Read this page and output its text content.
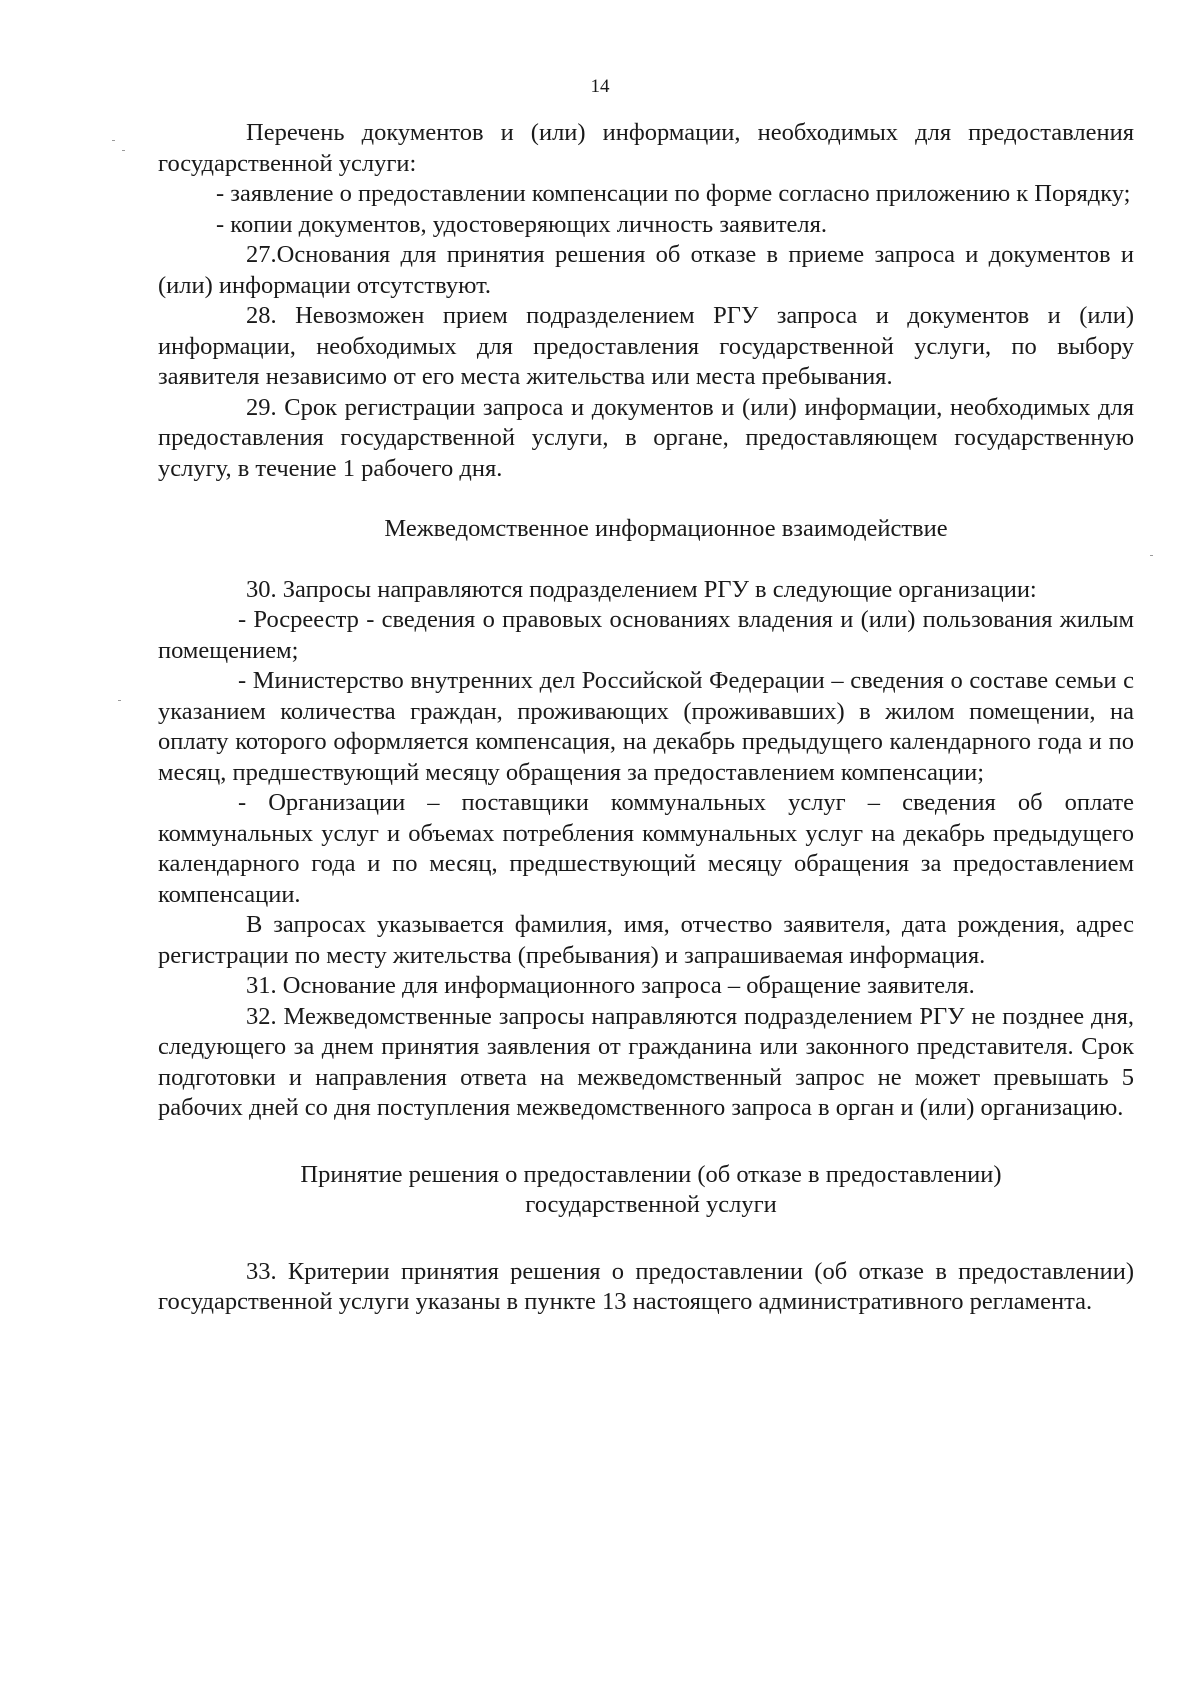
14

Перечень документов и (или) информации, необходимых для предоставления государственной услуги:

- заявление о предоставлении компенсации по форме согласно приложению к Порядку;

- копии документов, удостоверяющих личность заявителя.

27.Основания для принятия решения об отказе в приеме запроса и документов и (или) информации отсутствуют.

28. Невозможен прием подразделением РГУ запроса и документов и (или) информации, необходимых для предоставления государственной услуги, по выбору заявителя независимо от его места жительства или места пребывания.

29. Срок регистрации запроса и документов и (или) информации, необходимых для предоставления государственной услуги, в органе, предоставляющем государственную услугу, в течение 1 рабочего дня.

Межведомственное информационное взаимодействие

30. Запросы направляются подразделением РГУ в следующие организации:

- Росреестр - сведения о правовых основаниях владения и (или) пользования жилым помещением;

- Министерство внутренних дел Российской Федерации – сведения о составе семьи с указанием количества граждан, проживающих (проживавших) в жилом помещении, на оплату которого оформляется компенсация, на декабрь предыдущего календарного года и по месяц, предшествующий месяцу обращения за предоставлением компенсации;

- Организации – поставщики коммунальных услуг – сведения об оплате коммунальных услуг и объемах потребления коммунальных услуг на декабрь предыдущего календарного года и по месяц, предшествующий месяцу обращения за предоставлением компенсации.

В запросах указывается фамилия, имя, отчество заявителя, дата рождения, адрес регистрации по месту жительства (пребывания) и запрашиваемая информация.

31. Основание для информационного запроса – обращение заявителя.

32. Межведомственные запросы направляются подразделением РГУ не позднее дня, следующего за днем принятия заявления от гражданина или законного представителя. Срок подготовки и направления ответа на межведомственный запрос не может превышать 5 рабочих дней со дня поступления межведомственного запроса в орган и (или) организацию.

Принятие решения о предоставлении (об отказе в предоставлении)
государственной услуги

33. Критерии принятия решения о предоставлении (об отказе в предоставлении) государственной услуги указаны в пункте 13 настоящего административного регламента.
